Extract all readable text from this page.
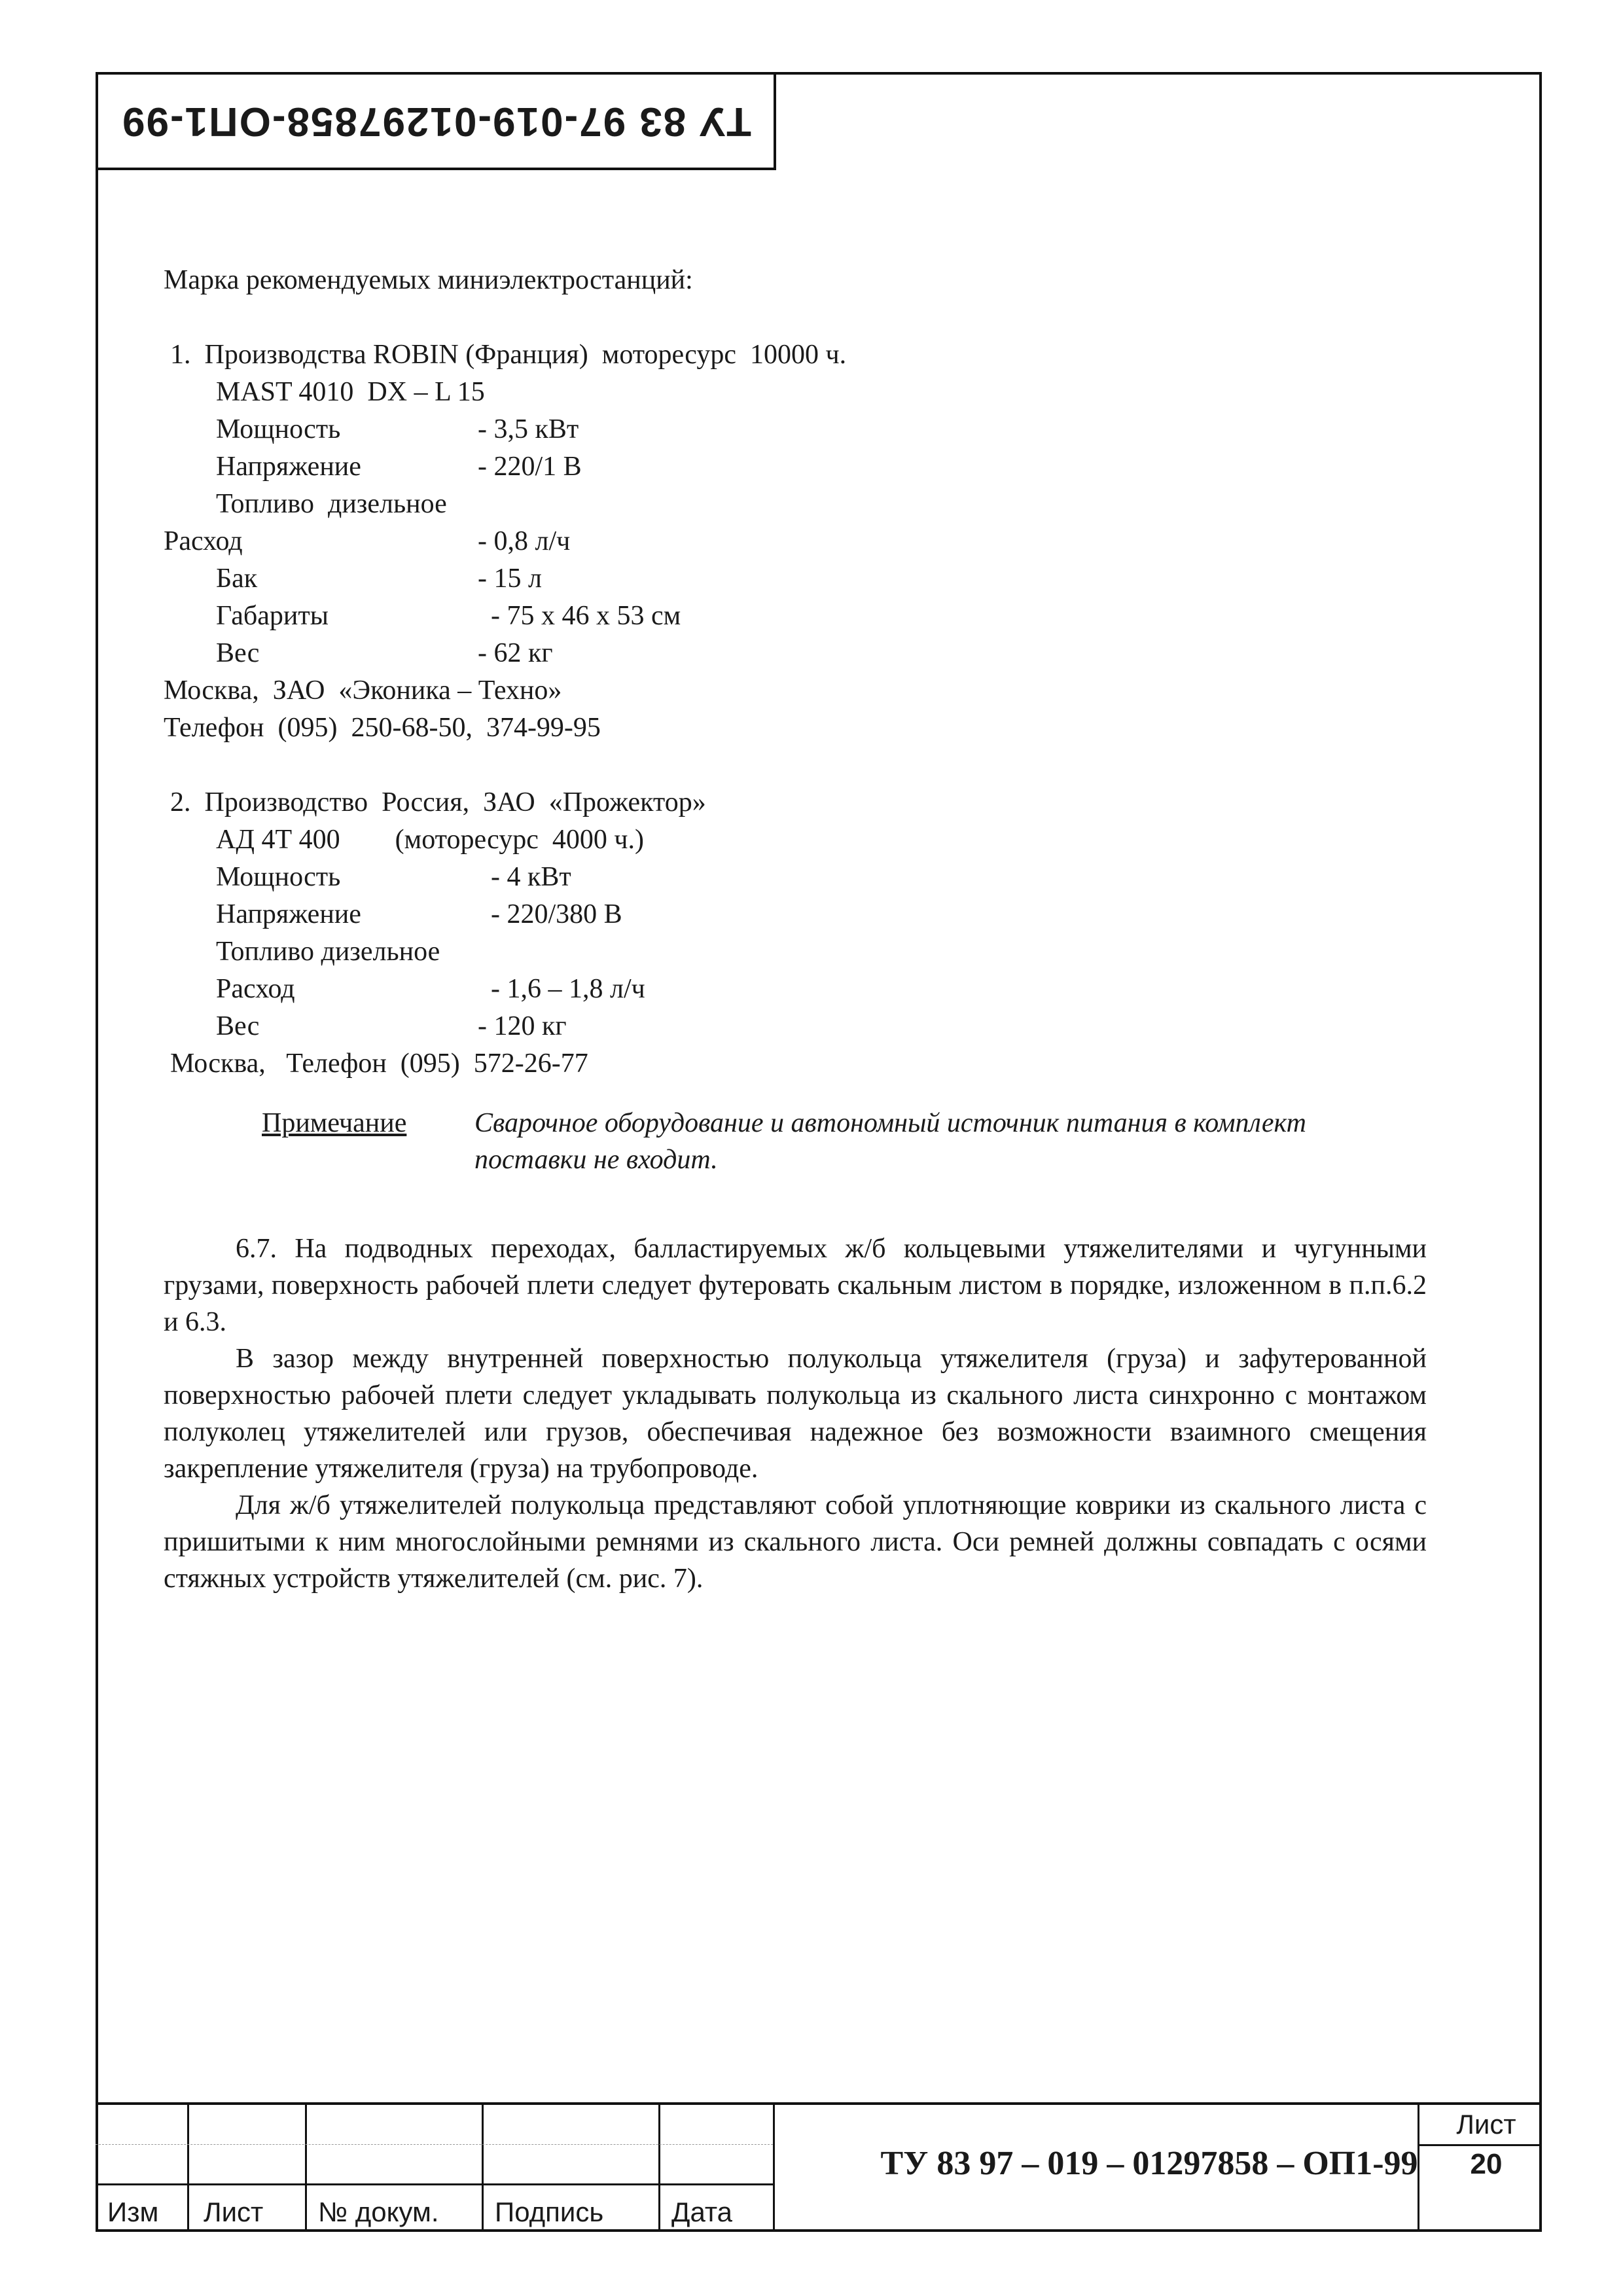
ТУ 83 97-019-01297858-ОП1-99
Марка рекомендуемых миниэлектростанций:
1.  Производства ROBIN (Франция)  моторесурс  10000 ч.
MAST 4010  DX – L 15
Мощность	- 3,5 кВт
Напряжение	- 220/1 В
Топливо  дизельное
Расход	- 0,8 л/ч
Бак	- 15 л
Габариты	- 75 х 46 х 53 см
Вес	- 62 кг
Москва,  ЗАО  «Эконика – Техно»
Телефон  (095)  250-68-50,  374-99-95
2.  Производство  Россия,  ЗАО  «Прожектор»
АД 4Т 400        (моторесурс  4000 ч.)
Мощность	- 4 кВт
Напряжение	- 220/380 В
Топливо дизельное
Расход	- 1,6 – 1,8 л/ч
Вес	- 120 кг
Москва,   Телефон  (095)  572-26-77
Примечание	Сварочное оборудование и автономный источник питания в комплект поставки не входит.

6.7. На подводных переходах, балластируемых ж/б кольцевыми утяжелителями и чугунными грузами, поверхность рабочей плети следует футеровать скальным листом в порядке, изложенном в п.п.6.2 и 6.3.

В зазор между внутренней поверхностью полукольца утяжелителя (груза) и зафутерованной поверхностью рабочей плети следует укладывать полукольца из скального листа синхронно с монтажом полуколец утяжелителей или грузов, обеспечивая надежное без возможности взаимного смещения закрепление утяжелителя (груза) на трубопроводе.

Для ж/б утяжелителей полукольца представляют собой уплотняющие коврики из скального листа с пришитыми к ним многослойными ремнями из скального листа. Оси ремней должны совпадать с осями стяжных устройств утяжелителей (см. рис. 7).

Изм Лист № докум. Подпись Дата
ТУ 83 97 – 019 – 01297858 – ОП1-99
Лист
20
